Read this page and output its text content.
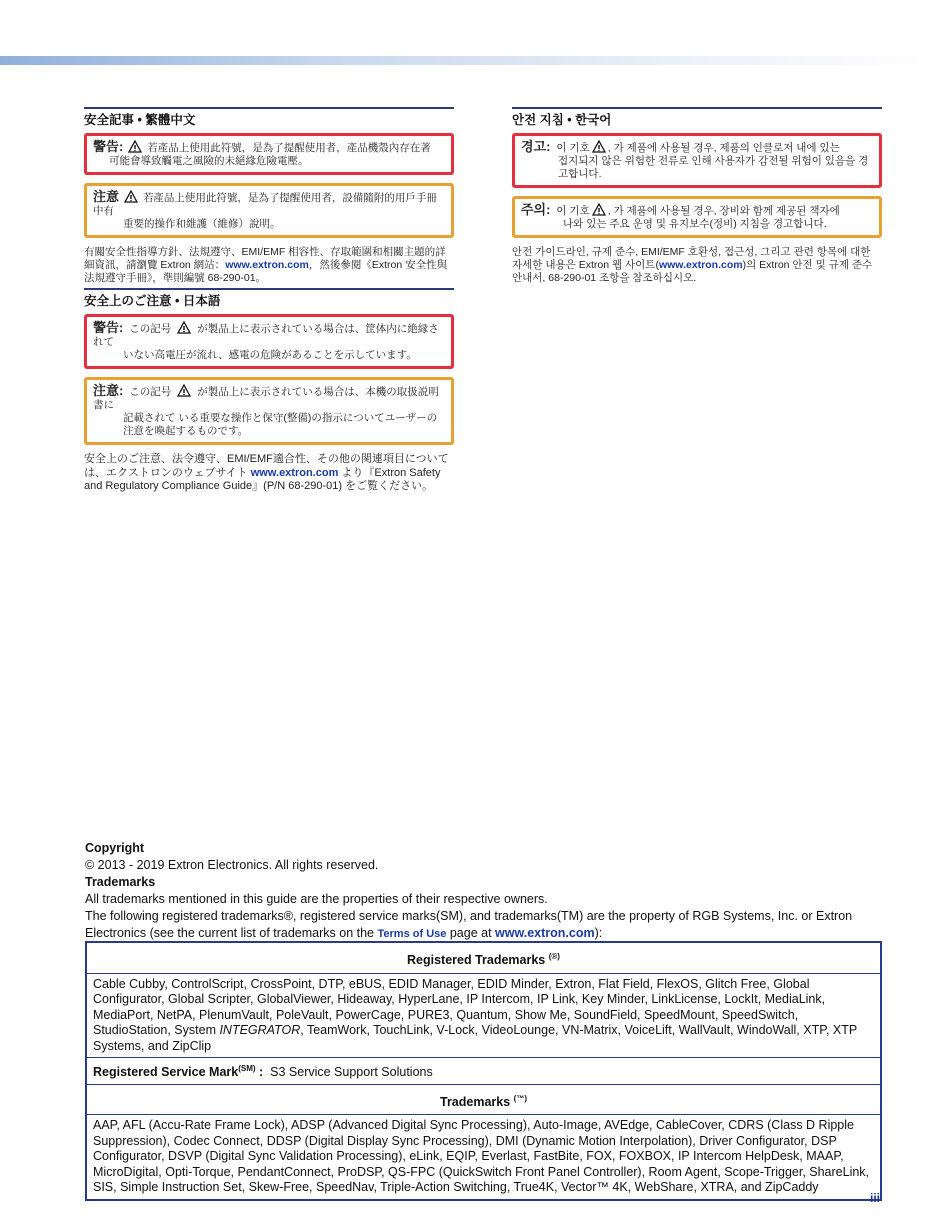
安全記事 • 繁體中文
警告: 若產品上使用此符號，是為了提醒使用者，產品機殼內存在著
可能會導致觸電之風險的未絕緣危險電壓。
注意 若產品上使用此符號，是為了提醒使用者，設備隨附的用戶手冊中有
重要的操作和維護（維修）說明。
有關安全性指導方針、法規遵守、EMI/EMF 相容性、存取範圍和相關主題的詳細資訊，請瀏覽 Extron 網站：www.extron.com，然後參閱《Extron 安全性與法規遵守手冊》，準則編號 68-290-01。
安全上のご注意 • 日本語
警告: この記号 が製品上に表示されている場合は、筐体内に絶縁されて
いない高電圧が流れ、感電の危険があることを示しています。
注意: この記号 が製品上に表示されている場合は、本機の取扱説明書に
記載されて いる重要な操作と保守(整備)の指示についてユーザーの注意を喚起するものです。
安全上のご注意、法令遵守、EMI/EMF適合性、その他の関連項目については、エクストロンのウェブサイト www.extron.com より『Extron Safety and Regulatory Compliance Guide』(P/N 68-290-01) をご覧ください。
안전 지침 • 한국어
경고: 이 기호 , 가 제품에 사용될 경우, 제품의 인클로저 내에 있는
접지되지 않은 위험한 전류로 인해 사용자가 감전될 위험이 있음을 경고합니다.
주의: 이 기호 , 가 제품에 사용될 경우, 장비와 함께 제공된 책자에
나와 있는 주요 운영 및 유지보수(정비) 지침을 경고합니다.
안전 가이드라인, 규제 준수, EMI/EMF 호환성, 접근성, 그리고 관련 항목에 대한 자세한 내용은 Extron 웹 사이트(www.extron.com)의 Extron 안전 및 규제 준수 안내서, 68-290-01 조항을 참조하십시오.
Copyright
© 2013 - 2019 Extron Electronics. All rights reserved.
Trademarks
All trademarks mentioned in this guide are the properties of their respective owners.
The following registered trademarks®, registered service marks(SM), and trademarks(TM) are the property of RGB Systems, Inc. or Extron Electronics (see the current list of trademarks on the Terms of Use page at www.extron.com):
Registered Trademarks (®)
Cable Cubby, ControlScript, CrossPoint, DTP, eBUS, EDID Manager, EDID Minder, Extron, Flat Field, FlexOS, Glitch Free, Global Configurator, Global Scripter, GlobalViewer, Hideaway, HyperLane, IP Intercom, IP Link, Key Minder, LinkLicense, LockIt, MediaLink, MediaPort, NetPA, PlenumVault, PoleVault, PowerCage, PURE3, Quantum, Show Me, SoundField, SpeedMount, SpeedSwitch, StudioStation, System INTEGRATOR, TeamWork, TouchLink, V-Lock, VideoLounge, VN-Matrix, VoiceLift, WallVault, WindoWall, XTP, XTP Systems, and ZipClip
Registered Service Mark$^{(SM)}$ : S3 Service Support Solutions
Trademarks (™)
AAP, AFL (Accu-Rate Frame Lock), ADSP (Advanced Digital Sync Processing), Auto-Image, AVEdge, CableCover, CDRS (Class D Ripple Suppression), Codec Connect, DDSP (Digital Display Sync Processing), DMI (Dynamic Motion Interpolation), Driver Configurator, DSP Configurator, DSVP (Digital Sync Validation Processing), eLink, EQIP, Everlast, FastBite, FOX, FOXBOX, IP Intercom HelpDesk, MAAP, MicroDigital, Opti-Torque, PendantConnect, ProDSP, QS-FPC (QuickSwitch Front Panel Controller), Room Agent, Scope-Trigger, ShareLink, SIS, Simple Instruction Set, Skew-Free, SpeedNav, Triple-Action Switching, True4K, Vector™ 4K, WebShare, XTRA, and ZipCaddy
iii
